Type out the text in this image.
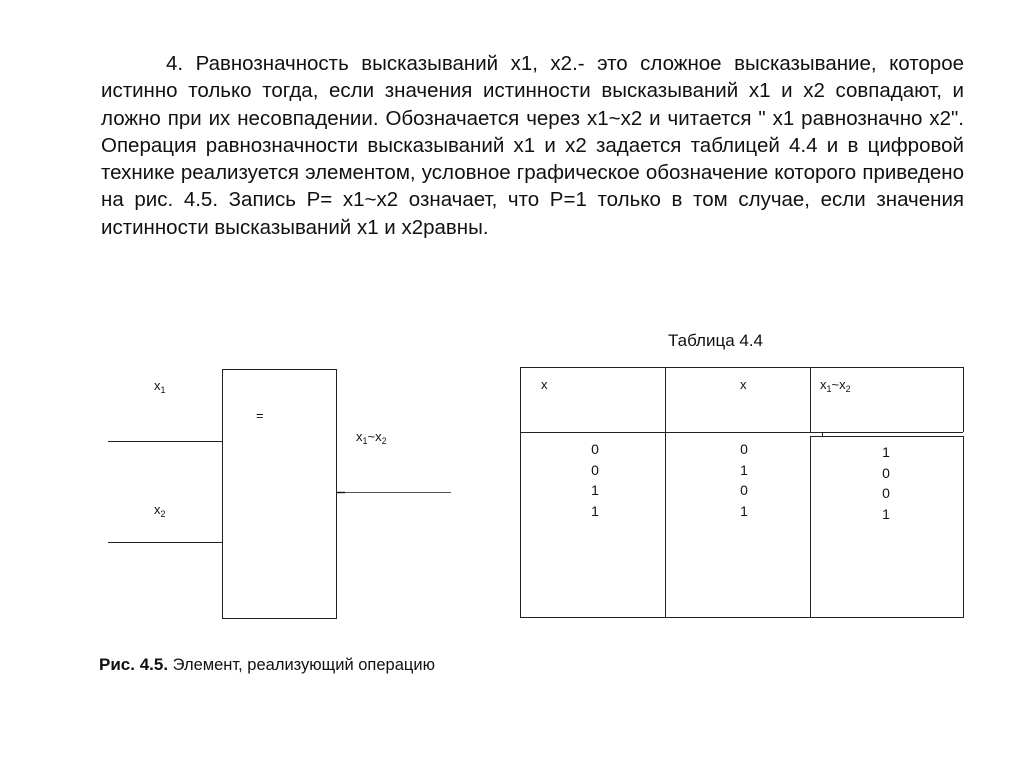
4. Равнозначность высказываний x1, x2.- это сложное высказывание, которое истинно только тогда, если значения истинности высказываний x1 и x2 совпадают, и ложно при их несовпадении. Обозначается через x1~x2 и читается " x1 равнозначно x2". Операция равнозначности высказываний x1 и x2 задается таблицей 4.4 и в цифровой технике реализуется элементом, условное графическое обозначение которого приведено на рис. 4.5. Запись P= x1~x2 означает, что P=1 только в том случае, если значения истинности высказываний x1 и x2равны.
$x_1$
=
$x_1\sim x_2$
$x_2$
Таблица 4.4
x	x	$x_1\sim x_2$
0
0
1
1
0
1
0
1
1
0
0
1
Рис. 4.5. Элемент, реализующий операцию
